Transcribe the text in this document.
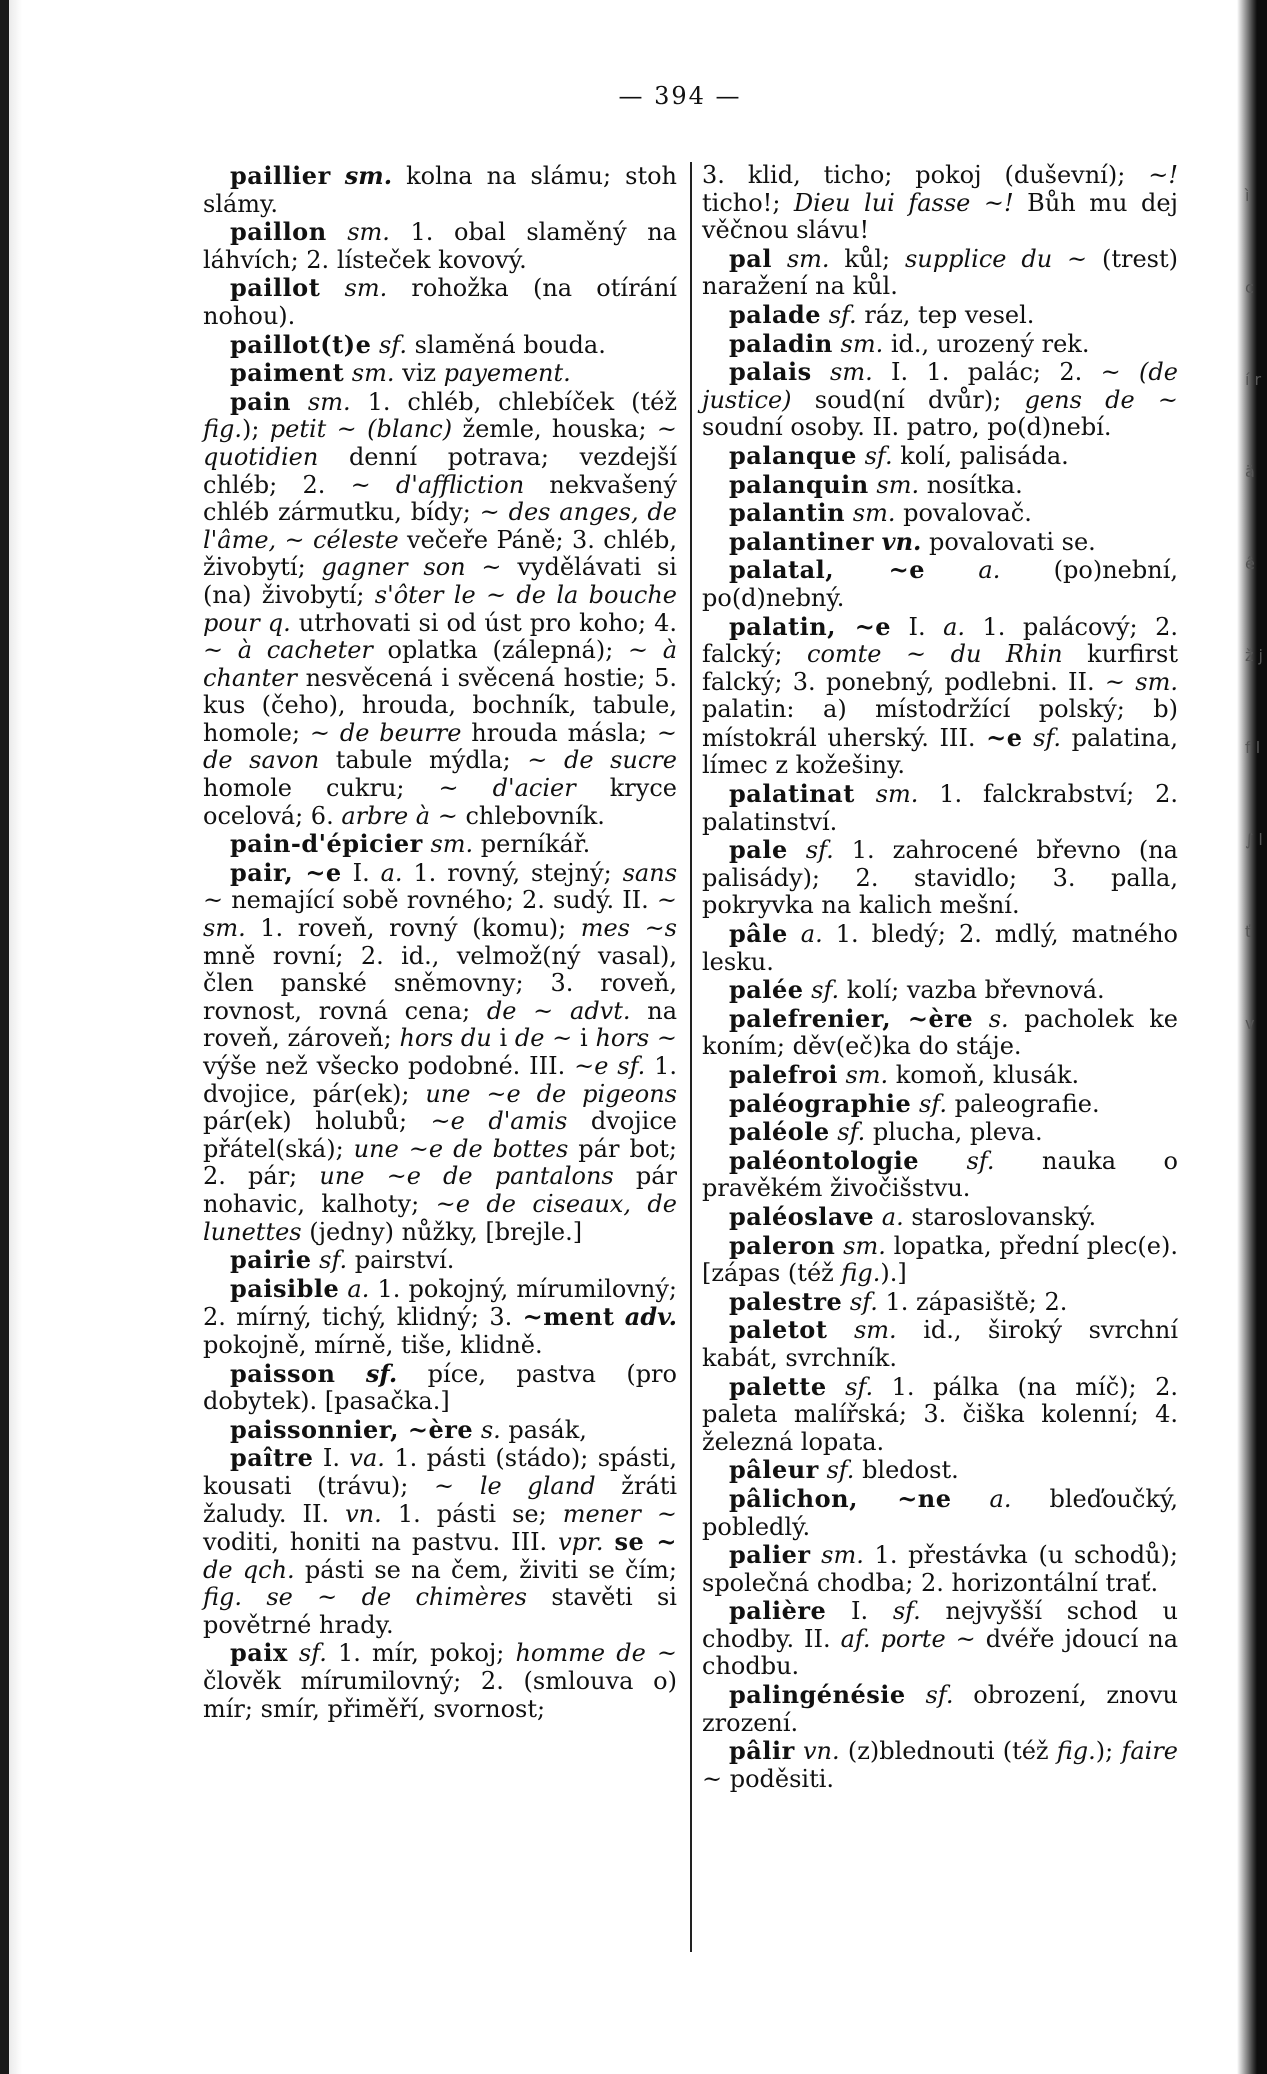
ì c í r ä ê ž j f l ∫ l ť v
— 394 —

paillier sm. kolna na slámu; stoh slámy.

paillon sm. 1. obal slaměný na láhvích; 2. lísteček kovový.

paillot sm. rohožka (na otírání nohou).

paillot(t)e sf. slaměná bouda.

paiment sm. viz payement.

pain sm. 1. chléb, chlebíček (též fig.); petit ~ (blanc) žemle, houska; ~ quotidien denní potrava; vezdejší chléb; 2. ~ d'affliction nekvašený chléb zármutku, bídy; ~ des anges, de l'âme, ~ céleste večeře Páně; 3. chléb, živobytí; gagner son ~ vydělávati si (na) živobytí; s'ôter le ~ de la bouche pour q. utrhovati si od úst pro koho; 4. ~ à cacheter oplatka (zálepná); ~ à chanter nesvěcená i svěcená hostie; 5. kus (čeho), hrouda, bochník, tabule, homole; ~ de beurre hrouda másla; ~ de savon tabule mýdla; ~ de sucre homole cukru; ~ d'acier kryce ocelová; 6. arbre à ~ chlebovník.

pain-d'épicier sm. perníkář.

pair, ~e I. a. 1. rovný, stejný; sans ~ nemající sobě rovného; 2. sudý. II. ~ sm. 1. roveň, rovný (komu); mes ~s mně rovní; 2. id., velmož(ný vasal), člen panské sněmovny; 3. roveň, rovnost, rovná cena; de ~ advt. na roveň, zároveň; hors du i de ~ i hors ~ výše než všecko podobné. III. ~e sf. 1. dvojice, pár(ek); une ~e de pigeons pár(ek) holubů; ~e d'amis dvojice přátel(ská); une ~e de bottes pár bot; 2. pár; une ~e de pantalons pár nohavic, kalhoty; ~e de ciseaux, de lunettes (jedny) nůžky, [brejle.]

pairie sf. pairství.

paisible a. 1. pokojný, mírumilovný; 2. mírný, tichý, klidný; 3. ~ment adv. pokojně, mírně, tiše, klidně.

paisson sf. píce, pastva (pro dobytek). [pasačka.]

paissonnier, ~ère s. pasák,

paître I. va. 1. pásti (stádo); spásti, kousati (trávu); ~ le gland žráti žaludy. II. vn. 1. pásti se; mener ~ voditi, honiti na pastvu. III. vpr. se ~ de qch. pásti se na čem, živiti se čím; fig. se ~ de chimères stavěti si povětrné hrady.

paix sf. 1. mír, pokoj; homme de ~ člověk mírumilovný; 2. (smlouva o) mír; smír, přiměří, svornost;

3. klid, ticho; pokoj (duševní); ~! ticho!; Dieu lui fasse ~! Bůh mu dej věčnou slávu!

pal sm. kůl; supplice du ~ (trest) naražení na kůl.

palade sf. ráz, tep vesel.

paladin sm. id., urozený rek.

palais sm. I. 1. palác; 2. ~ (de justice) soud(ní dvůr); gens de ~ soudní osoby. II. patro, po(d)nebí.

palanque sf. kolí, palisáda.

palanquin sm. nosítka.

palantin sm. povalovač.

palantiner vn. povalovati se.

palatal, ~e a. (po)nební, po(d)nebný.

palatin, ~e I. a. 1. palácový; 2. falcký; comte ~ du Rhin kurfirst falcký; 3. ponebný, podlebni. II. ~ sm. palatin: a) místodržící polský; b) místokrál uherský. III. ~e sf. palatina, límec z kožešiny.

palatinat sm. 1. falckrabství; 2. palatinství.

pale sf. 1. zahrocené břevno (na palisády); 2. stavidlo; 3. palla, pokryvka na kalich mešní.

pâle a. 1. bledý; 2. mdlý, matného lesku.

palée sf. kolí; vazba břevnová.

palefrenier, ~ère s. pacholek ke koním; děv(eč)ka do stáje.

palefroi sm. komoň, klusák.

paléographie sf. paleografie.

paléole sf. plucha, pleva.

paléontologie sf. nauka o pravěkém živočišstvu.

paléoslave a. staroslovanský.

paleron sm. lopatka, přední plec(e). [zápas (též fig.).]

palestre sf. 1. zápasiště; 2.

paletot sm. id., široký svrchní kabát, svrchník.

palette sf. 1. pálka (na míč); 2. paleta malířská; 3. čiška kolenní; 4. železná lopata.

pâleur sf. bledost.

pâlichon, ~ne a. bleďoučký, pobledlý.

palier sm. 1. přestávka (u schodů); společná chodba; 2. horizontální trať.

palière I. sf. nejvyšší schod u chodby. II. af. porte ~ dvéře jdoucí na chodbu.

palingénésie sf. obrození, znovu zrození.

pâlir vn. (z)blednouti (též fig.); faire ~ poděsiti.
